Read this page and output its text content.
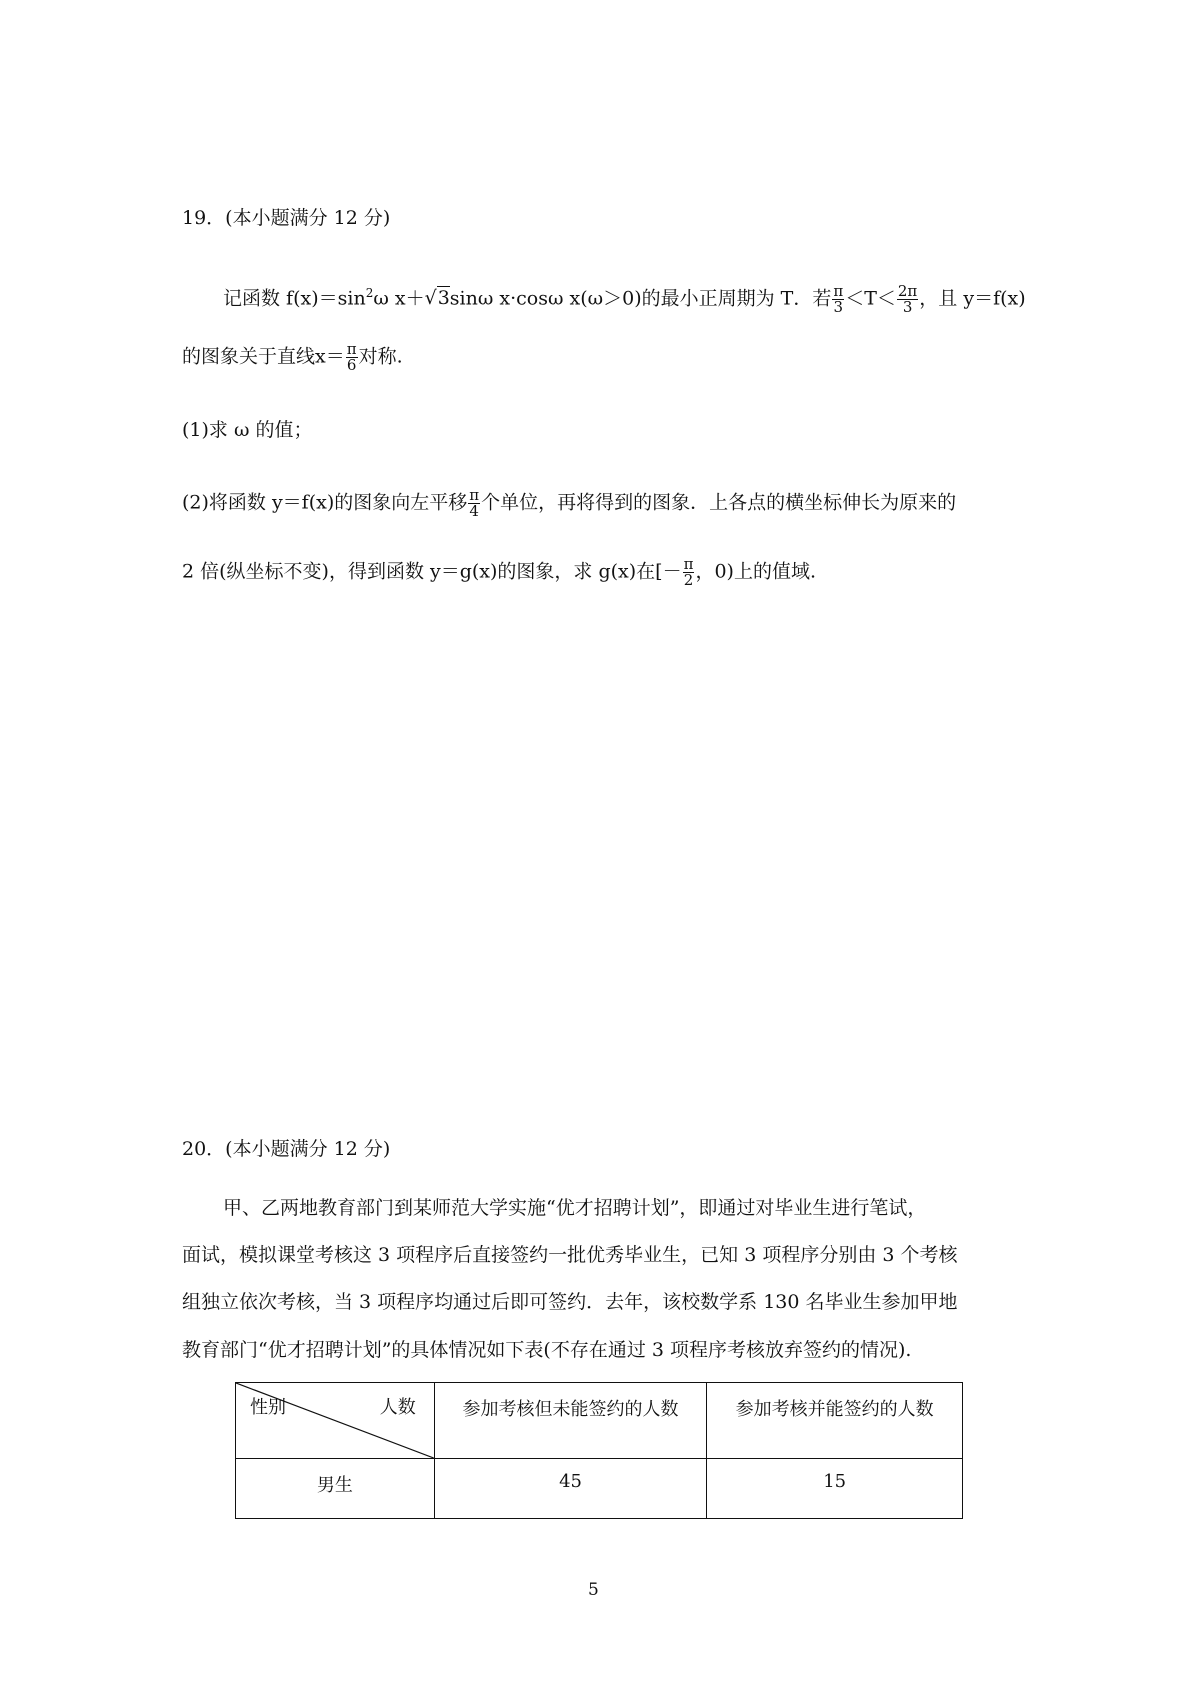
19．(本小题满分 12 分)
记函数 $f(x)=\sin^2\omega$ x＋√3sinω x·cosω x(ω＞0)的最小正周期为 T．若 $\frac{\pi}{3} <T< \frac{2\pi}{3}$ ，且 y＝f(x)
的图象关于直线$x= \frac{\pi}{6}$ 对称.
(1)求 ω 的值；
(2)将函数 y＝f(x)的图象向左平移 $\frac{\pi}{4}$ 个单位，再将得到的图象．上各点的横坐标伸长为原来的
2 倍(纵坐标不变)，得到函数 y＝g(x)的图象，求 g(x)在[－ $\frac{\pi}{2}$ ，0)上的值域.
20．(本小题满分 12 分)
甲、乙两地教育部门到某师范大学实施“优才招聘计划”，即通过对毕业生进行笔试，
面试，模拟课堂考核这 3 项程序后直接签约一批优秀毕业生，已知 3 项程序分别由 3 个考核
组独立依次考核，当 3 项程序均通过后即可签约．去年，该校数学系 130 名毕业生参加甲地
教育部门“优才招聘计划”的具体情况如下表(不存在通过 3 项程序考核放弃签约的情况).
性别 人数	参加考核但未能签约的人数	参加考核并能签约的人数
男生	45	15
5
